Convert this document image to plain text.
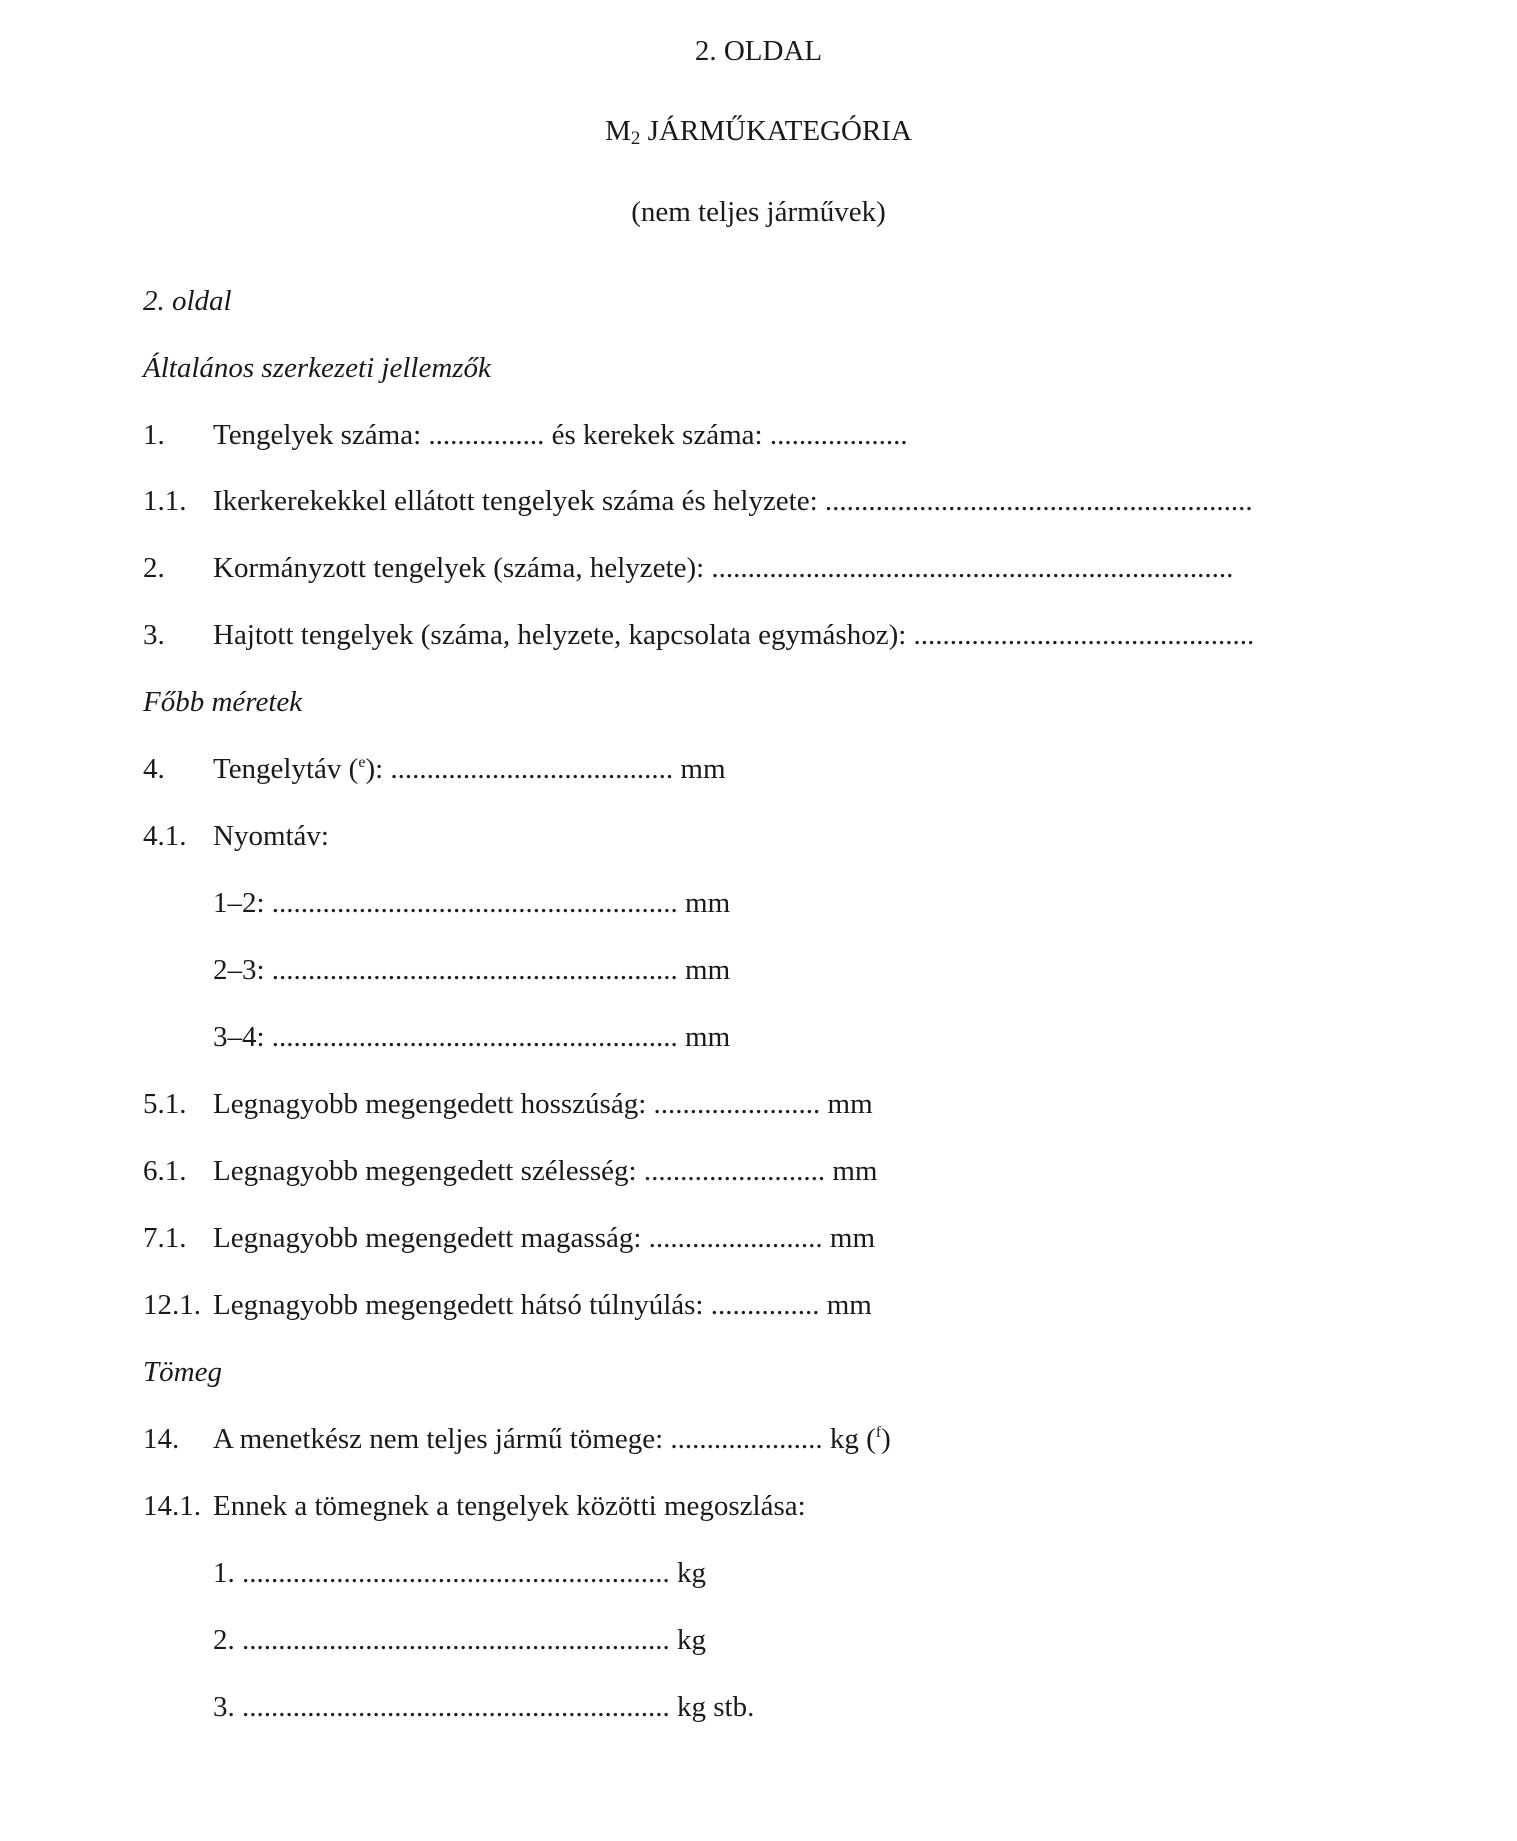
2. OLDAL
$M_2$ JÁRMŰKATEGÓRIA
(nem teljes járművek)
2. oldal
Általános szerkezeti jellemzők
1. Tengelyek száma: ................ és kerekek száma: ...................
1.1. Ikerkerekekkel ellátott tengelyek száma és helyzete: ...........................................................
2. Kormányzott tengelyek (száma, helyzete): ........................................................................
3. Hajtott tengelyek (száma, helyzete, kapcsolata egymáshoz): ...............................................
Főbb méretek
4. Tengelytáv ($^e$): ....................................... mm
4.1. Nyomtáv:
1–2: ........................................................ mm
2–3: ........................................................ mm
3–4: ........................................................ mm
5.1. Legnagyobb megengedett hosszúság: ....................... mm
6.1. Legnagyobb megengedett szélesség: ......................... mm
7.1. Legnagyobb megengedett magasság: ........................ mm
12.1. Legnagyobb megengedett hátsó túlnyúlás: ............... mm
Tömeg
14. A menetkész nem teljes jármű tömege: ..................... kg ($^f$)
14.1. Ennek a tömegnek a tengelyek közötti megoszlása:
1. ........................................................... kg
2. ........................................................... kg
3. ........................................................... kg stb.
